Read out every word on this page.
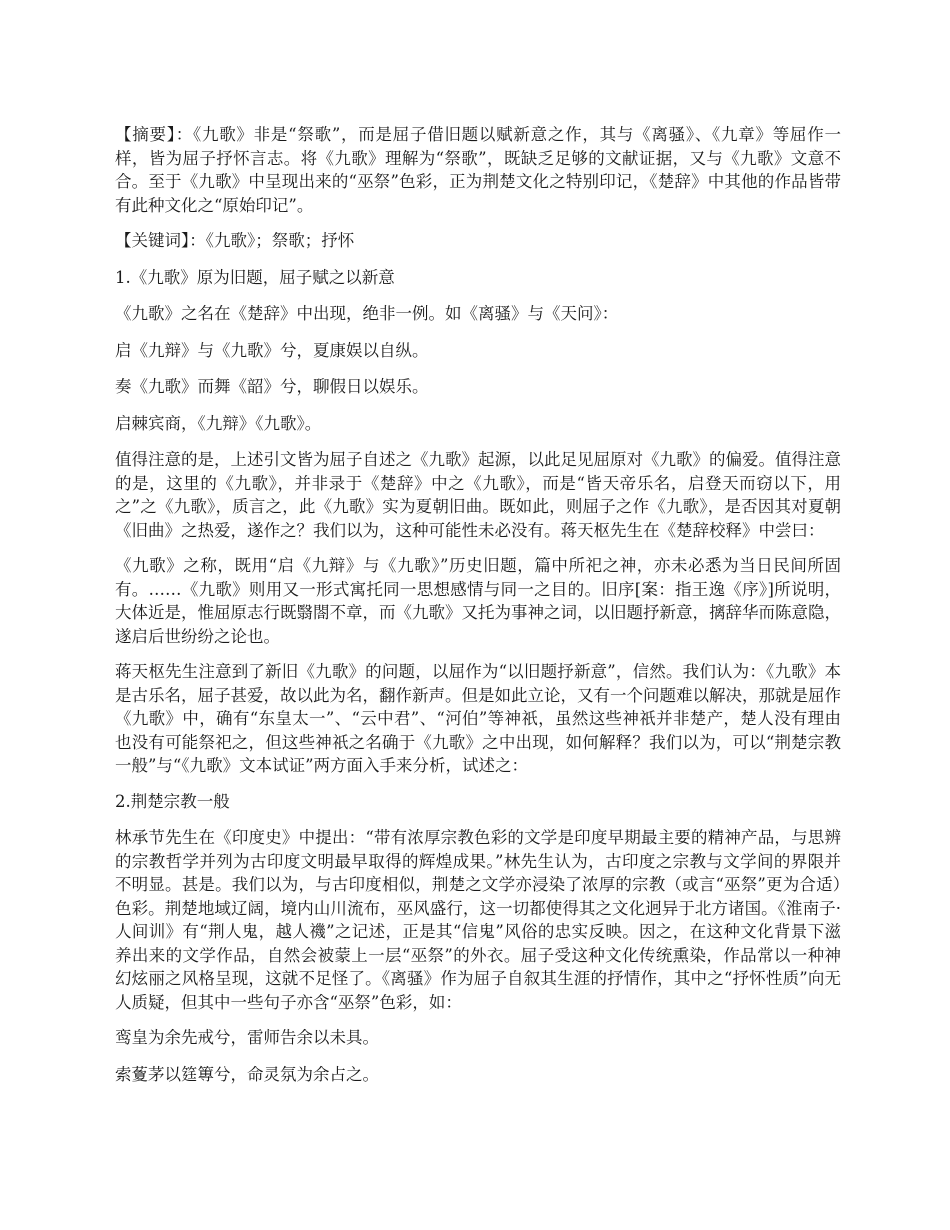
【摘要】：《九歌》非是“祭歌”，而是屈子借旧题以赋新意之作，其与《离骚》、《九章》等屈作一样，皆为屈子抒怀言志。将《九歌》理解为“祭歌”，既缺乏足够的文献证据，又与《九歌》文意不合。至于《九歌》中呈现出来的“巫祭”色彩，正为荆楚文化之特别印记，《楚辞》中其他的作品皆带有此种文化之“原始印记”。

【关键词】：《九歌》；祭歌；抒怀

1.《九歌》原为旧题，屈子赋之以新意

《九歌》之名在《楚辞》中出现，绝非一例。如《离骚》与《天问》：

启《九辩》与《九歌》兮，夏康娱以自纵。

奏《九歌》而舞《韶》兮，聊假日以娱乐。

启棘宾商，《九辩》《九歌》。

值得注意的是，上述引文皆为屈子自述之《九歌》起源，以此足见屈原对《九歌》的偏爱。值得注意的是，这里的《九歌》，并非录于《楚辞》中之《九歌》，而是“皆天帝乐名，启登天而窃以下，用之”之《九歌》，质言之，此《九歌》实为夏朝旧曲。既如此，则屈子之作《九歌》，是否因其对夏朝《旧曲》之热爱，遂作之？我们以为，这种可能性未必没有。蒋天枢先生在《楚辞校释》中尝曰：

《九歌》之称，既用“启《九辩》与《九歌》”历史旧题，篇中所祀之神，亦未必悉为当日民间所固有。……《九歌》则用又一形式寓托同一思想感情与同一之目的。旧序[案：指王逸《序》]所说明，大体近是，惟屈原志行既翳閤不章，而《九歌》又托为事神之词，以旧题抒新意，摛辞华而陈意隐，遂启后世纷纷之论也。

蒋天枢先生注意到了新旧《九歌》的问题，以屈作为“以旧题抒新意”，信然。我们认为：《九歌》本是古乐名，屈子甚爱，故以此为名，翻作新声。但是如此立论，又有一个问题难以解决，那就是屈作《九歌》中，确有“东皇太一”、“云中君”、“河伯”等神祇，虽然这些神祇并非楚产，楚人没有理由也没有可能祭祀之，但这些神祇之名确于《九歌》之中出现，如何解释？我们以为，可以“荆楚宗教一般”与“《九歌》文本试证”两方面入手来分析，试述之：

2.荆楚宗教一般

林承节先生在《印度史》中提出：“带有浓厚宗教色彩的文学是印度早期最主要的精神产品，与思辨的宗教哲学并列为古印度文明最早取得的辉煌成果。”林先生认为，古印度之宗教与文学间的界限并不明显。甚是。我们以为，与古印度相似，荆楚之文学亦浸染了浓厚的宗教（或言“巫祭”更为合适）色彩。荆楚地域辽阔，境内山川流布，巫风盛行，这一切都使得其之文化迥异于北方诸国。《淮南子·人间训》有“荆人鬼，越人禨”之记述，正是其“信鬼”风俗的忠实反映。因之，在这种文化背景下滋养出来的文学作品，自然会被蒙上一层“巫祭”的外衣。屈子受这种文化传统熏染，作品常以一种神幻炫丽之风格呈现，这就不足怪了。《离骚》作为屈子自叙其生涯的抒情作，其中之“抒怀性质”向无人质疑，但其中一些句子亦含“巫祭”色彩，如：

鸾皇为余先戒兮，雷师告余以未具。

索藑茅以筳篿兮，命灵氛为余占之。
